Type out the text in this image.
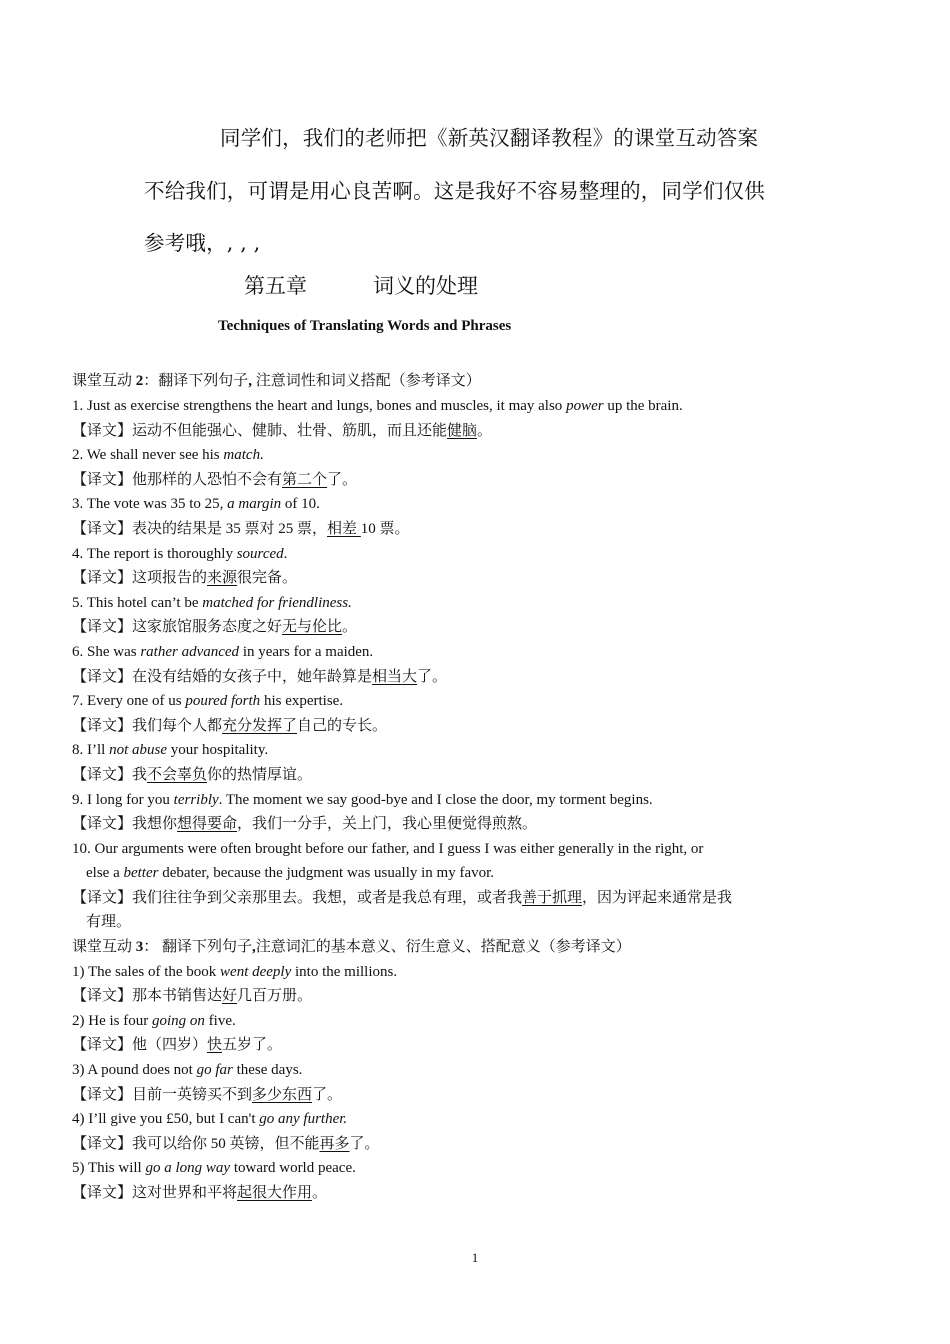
同学们，我们的老师把《新英汉翻译教程》的课堂互动答案
不给我们，可谓是用心良苦啊。这是我好不容易整理的，同学们仅供
参考哦，, , ,
第五章	词义的处理
Techniques of Translating Words and Phrases
课堂互动 2：翻译下列句子, 注意词性和词义搭配（参考译文）
1. Just as exercise strengthens the heart and lungs, bones and muscles, it may also power up the brain.
【译文】运动不但能强心、健肺、壮骨、筋肌，而且还能健脑。
2. We shall never see his match.
【译文】他那样的人恐怕不会有第二个了。
3. The vote was 35 to 25, a margin of 10.
【译文】表决的结果是 35 票对 25 票，相差 10 票。
4. The report is thoroughly sourced.
【译文】这项报告的来源很完备。
5. This hotel can’t be matched for friendliness.
【译文】这家旅馆服务态度之好无与伦比。
6. She was rather advanced in years for a maiden.
【译文】在没有结婚的女孩子中，她年龄算是相当大了。
7. Every one of us poured forth his expertise.
【译文】我们每个人都充分发挥了自己的专长。
8. I’ll not abuse your hospitality.
【译文】我不会辜负你的热情厚谊。
9. I long for you terribly. The moment we say good-bye and I close the door, my torment begins.
【译文】我想你想得要命，我们一分手，关上门，我心里便觉得煎熬。
10. Our arguments were often brought before our father, and I guess I was either generally in the right, or
else a better debater, because the judgment was usually in my favor.
【译文】我们往往争到父亲那里去。我想，或者是我总有理，或者我善于抓理，因为评起来通常是我
有理。
课堂互动 3： 翻译下列句子,注意词汇的基本意义、衍生意义、搭配意义（参考译文）
1) The sales of the book went deeply into the millions.
【译文】那本书销售达好几百万册。
2) He is four going on five.
【译文】他（四岁）快五岁了。
3) A pound does not go far these days.
【译文】目前一英镑买不到多少东西了。
4) I’ll give you £50, but I can't go any further.
【译文】我可以给你 50 英镑，但不能再多了。
5) This will go a long way toward world peace.
【译文】这对世界和平将起很大作用。
1
